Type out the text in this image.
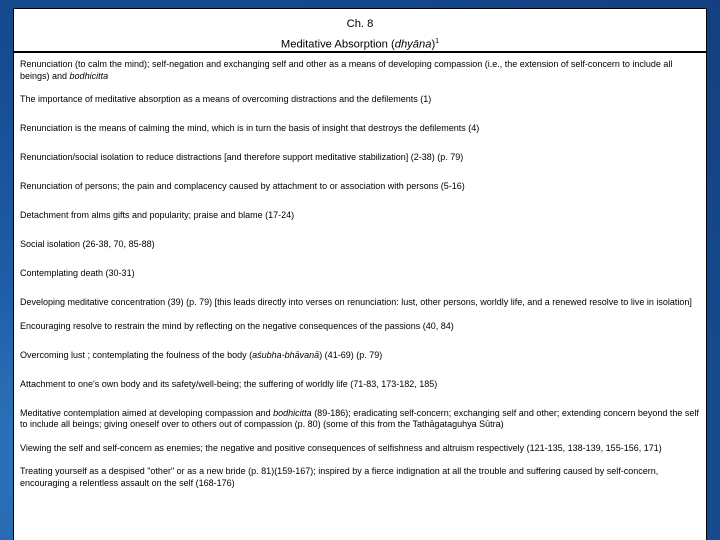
Ch. 8
Meditative Absorption (dhyāna)$^1$
Renunciation (to calm the mind); self-negation and exchanging self and other as a means of developing compassion (i.e., the extension of self-concern to include all beings) and bodhicitta
The importance of meditative absorption as a means of overcoming distractions and the defilements (1)
Renunciation is the means of calming the mind, which is in turn the basis of insight that destroys the defilements (4)
Renunciation/social isolation to reduce distractions [and therefore support meditative stabilization] (2-38) (p. 79)
Renunciation of persons; the pain and complacency caused by attachment to or association with persons (5-16)
Detachment from alms gifts and popularity; praise and blame (17-24)
Social isolation (26-38, 70, 85-88)
Contemplating death (30-31)
Developing meditative concentration (39) (p. 79) [this leads directly into verses on renunciation: lust, other persons, worldly life, and a renewed resolve to live in isolation]
Encouraging resolve to restrain the mind by reflecting on the negative consequences of the passions (40, 84)
Overcoming lust ; contemplating the foulness of the body (aśubha-bhāvanā) (41-69) (p. 79)
Attachment to one's own body and its safety/well-being; the suffering of worldly life (71-83, 173-182, 185)
Meditative contemplation aimed at developing compassion and bodhicitta (89-186); eradicating self-concern; exchanging self and other; extending concern beyond the self to include all beings; giving oneself over to others out of compassion (p. 80) (some of this from the Tathāgataguhya Sūtra)
Viewing the self and self-concern as enemies; the negative and positive consequences of selfishness and altruism respectively (121-135, 138-139, 155-156, 171)
Treating yourself as a despised "other" or as a new bride (p. 81)(159-167); inspired by a fierce indignation at all the trouble and suffering caused by self-concern, encouraging a relentless assault on the self (168-176)
